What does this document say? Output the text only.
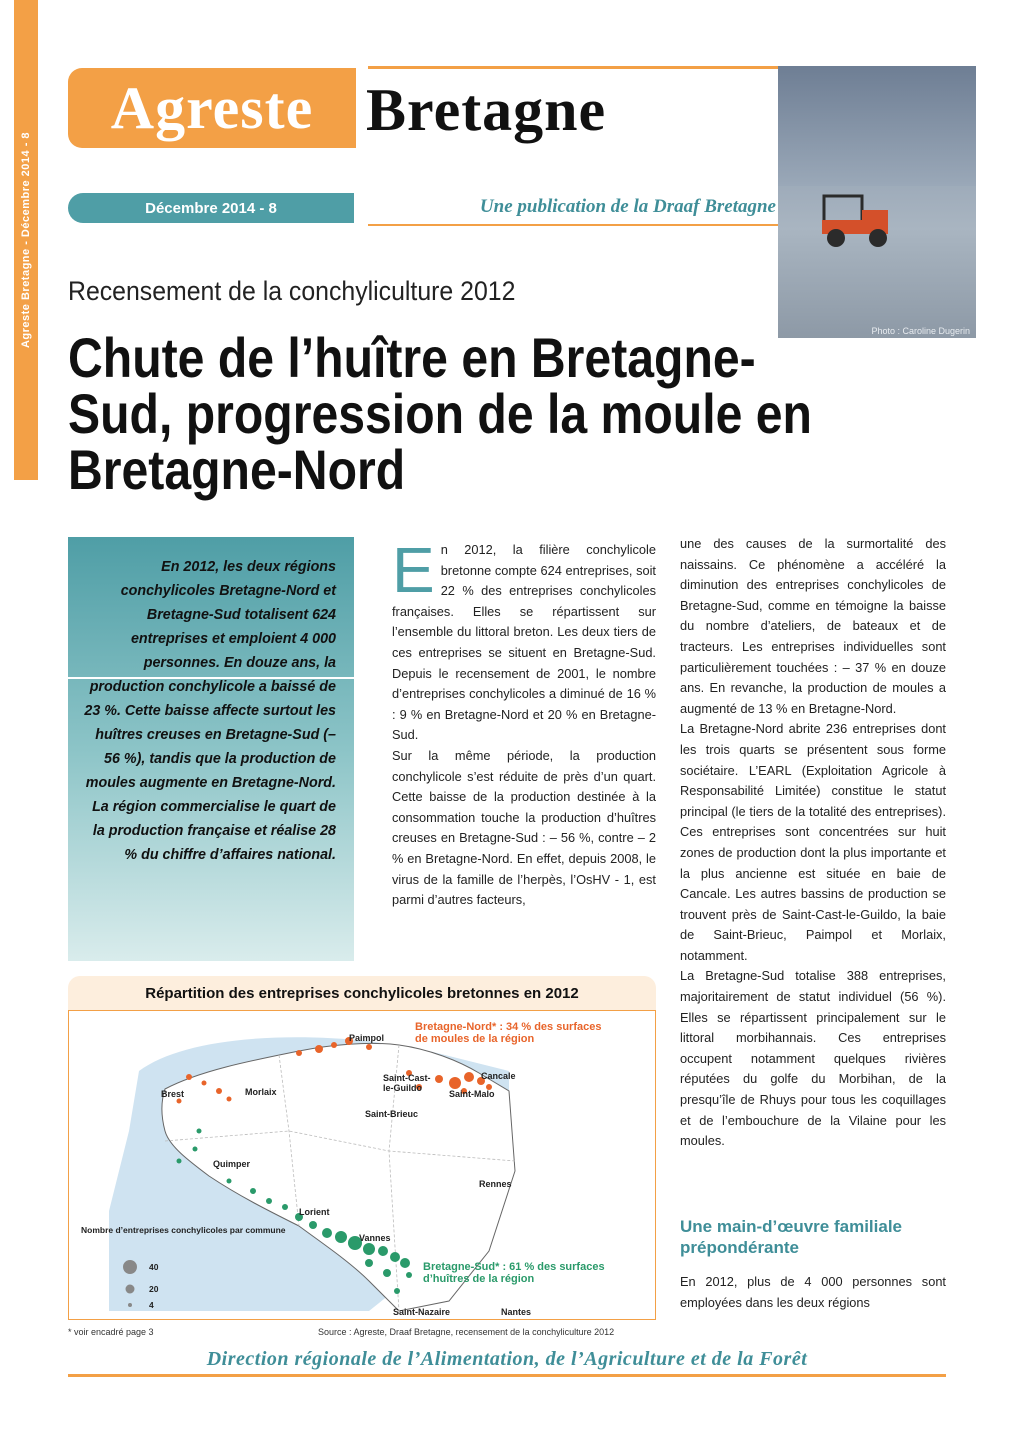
Agreste Bretagne - Décembre 2014 - 8
Agreste Bretagne
Décembre 2014 - 8	Une publication de la Draaf Bretagne
Photo : Caroline Dugerin
Recensement de la conchyliculture 2012
Chute de l’huître en Bretagne-Sud, progression de la moule en Bretagne-Nord
En 2012, les deux régions conchylicoles Bretagne-Nord et Bretagne-Sud totalisent 624 entreprises et emploient 4 000 personnes. En douze ans, la production conchylicole a baissé de 23 %. Cette baisse affecte surtout les huîtres creuses en Bretagne-Sud (– 56 %), tandis que la production de moules augmente en Bretagne-Nord. La région commercialise le quart de la production française et réalise 28 % du chiffre d’affaires national.
En 2012, la filière conchylicole bretonne compte 624 entreprises, soit 22 % des entreprises conchylicoles françaises. Elles se répartissent sur l’ensemble du littoral breton. Les deux tiers de ces entreprises se situent en Bretagne-Sud. Depuis le recensement de 2001, le nombre d’entreprises conchylicoles a diminué de 16 % : 9 % en Bretagne-Nord et 20 % en Bretagne-Sud.
Sur la même période, la production conchylicole s’est réduite de près d’un quart. Cette baisse de la production destinée à la consommation touche la production d’huîtres creuses en Bretagne-Sud : – 56 %, contre – 2 % en Bretagne-Nord. En effet, depuis 2008, le virus de la famille de l’herpès, l’OsHV - 1, est parmi d’autres facteurs,
une des causes de la surmortalité des naissains. Ce phénomène a accéléré la diminution des entreprises conchylicoles de Bretagne-Sud, comme en témoigne la baisse du nombre d’ateliers, de bateaux et de tracteurs. Les entreprises individuelles sont particulièrement touchées : – 37 % en douze ans. En revanche, la production de moules a augmenté de 13 % en Bretagne-Nord.
La Bretagne-Nord abrite 236 entreprises dont les trois quarts se présentent sous forme sociétaire. L’EARL (Exploitation Agricole à Responsabilité Limitée) constitue le statut principal (le tiers de la totalité des entreprises). Ces entreprises sont concentrées sur huit zones de production dont la plus importante et la plus ancienne est située en baie de Cancale. Les autres bassins de production se trouvent près de Saint-Cast-le-Guildo, la baie de Saint-Brieuc, Paimpol et Morlaix, notamment.
La Bretagne-Sud totalise 388 entreprises, majoritairement de statut individuel (56 %). Elles se répartissent principalement sur le littoral morbihannais. Ces entreprises occupent notamment quelques rivières réputées du golfe du Morbihan, de la presqu’île de Rhuys pour tous les coquillages et de l’embouchure de la Vilaine pour les moules.
Une main-d’œuvre familiale prépondérante
En 2012, plus de 4 000 personnes sont employées dans les deux régions
Répartition des entreprises conchylicoles bretonnes en 2012
Bretagne-Nord* : 34 % des surfaces
de moules de la région
Bretagne-Sud* : 61 % des surfaces
d’huîtres de la région
Nombre d’entreprises conchylicoles par commune
40
20
4
Paimpol
Brest	Morlaix
Saint-Cast-le-Guildo
Cancale
Saint-Malo
Saint-Brieuc
Quimper
Rennes
Lorient
Vannes
Saint-Nazaire	Nantes
* voir encadré page 3	Source : Agreste, Draaf Bretagne, recensement de la conchyliculture 2012
Direction régionale de l’Alimentation, de l’Agriculture et de la Forêt
